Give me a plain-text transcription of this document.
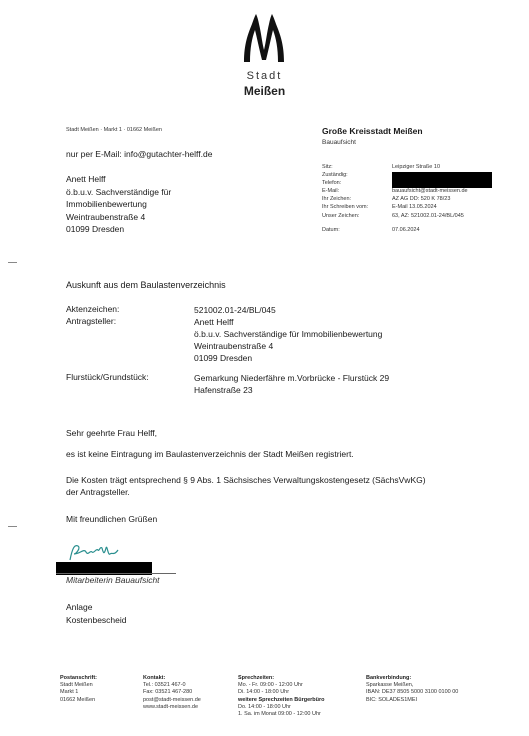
Stadt
Meißen
Stadt Meißen · Markt 1 · 01662 Meißen
nur per E-Mail: info@gutachter-helff.de
Anett Helff
ö.b.u.v. Sachverständige für
Immobilienbewertung
Weintraubenstraße 4
01099 Dresden
Große Kreisstadt Meißen
Bauaufsicht
Sitz:	Leipziger Straße 10
Zuständig:
Telefon:
E-Mail:	bauaufsicht@stadt-meissen.de
Ihr Zeichen:	AZ AG DD: 520 K 78/23
Ihr Schreiben vom:	E-Mail 13.05.2024
Unser Zeichen:	63, AZ: 521002.01-24/BL/045
Datum:	07.06.2024
Auskunft aus dem Baulastenverzeichnis
Aktenzeichen:	521002.01-24/BL/045
Antragsteller:	Anett Helff
ö.b.u.v. Sachverständige für Immobilienbewertung
Weintraubenstraße 4
01099 Dresden
Flurstück/Grundstück:	Gemarkung Niederfähre m.Vorbrücke - Flurstück 29
Hafenstraße 23
Sehr geehrte Frau Helff,
es ist keine Eintragung im Baulastenverzeichnis der Stadt Meißen registriert.
Die Kosten trägt entsprechend § 9 Abs. 1 Sächsisches Verwaltungskostengesetz (SächsVwKG)
der Antragsteller.
Mit freundlichen Grüßen
Mitarbeiterin Bauaufsicht
Anlage
Kostenbescheid
Postanschrift:
Stadt Meißen
Markt 1
01662 Meißen
Kontakt:
Tel.: 03521 467-0
Fax: 03521 467-280
post@stadt-meissen.de
www.stadt-meissen.de
Sprechzeiten:
Mo. - Fr. 09:00 - 12:00 Uhr
Di. 14:00 - 18:00 Uhr
weitere Sprechzeiten Bürgerbüro
Do. 14:00 - 18:00 Uhr
1. Sa. im Monat 09:00 - 12:00 Uhr
Bankverbindung:
Sparkasse Meißen,
IBAN: DE37 8505 5000 3100 0100 00
BIC: SOLADES1MEI
